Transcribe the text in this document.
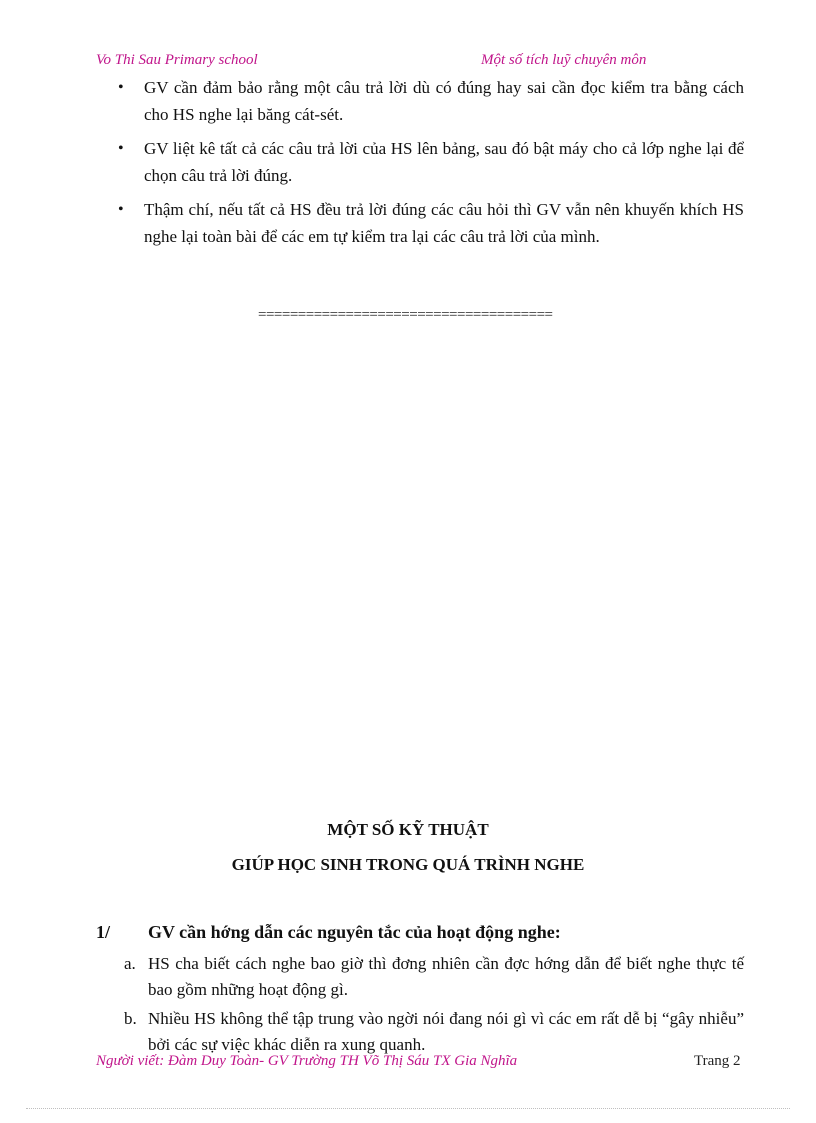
Vo Thi Sau Primary school	Một số tích luỹ chuyên môn
• GV cần đảm bảo rằng một câu trả lời dù có đúng hay sai cần đọc kiểm tra bằng cách cho HS nghe lại băng cát-sét.
• GV liệt kê tất cả các câu trả lời của HS lên bảng, sau đó bật máy cho cả lớp nghe lại để chọn câu trả lời đúng.
• Thậm chí, nếu tất cả HS đều trả lời đúng các câu hỏi thì GV vẫn nên khuyến khích HS nghe lại toàn bài để các em tự kiểm tra lại các câu trả lời của mình.
=====================================
MỘT SỐ KỸ THUẬT
GIÚP HỌC SINH TRONG QUÁ TRÌNH NGHE
1/ GV cần hớng dẫn các nguyên tắc của hoạt động nghe:
a. HS cha biết cách nghe bao giờ thì đơng nhiên cần đợc hớng dẫn để biết nghe thực tế bao gồm những hoạt động gì.
b. Nhiều HS không thể tập trung vào ngời nói đang nói gì vì các em rất dễ bị “gây nhiễu” bởi các sự việc khác diễn ra xung quanh.
Người viết: Đàm Duy Toàn- GV Trường TH Võ Thị Sáu TX Gia Nghĩa	Trang 2
